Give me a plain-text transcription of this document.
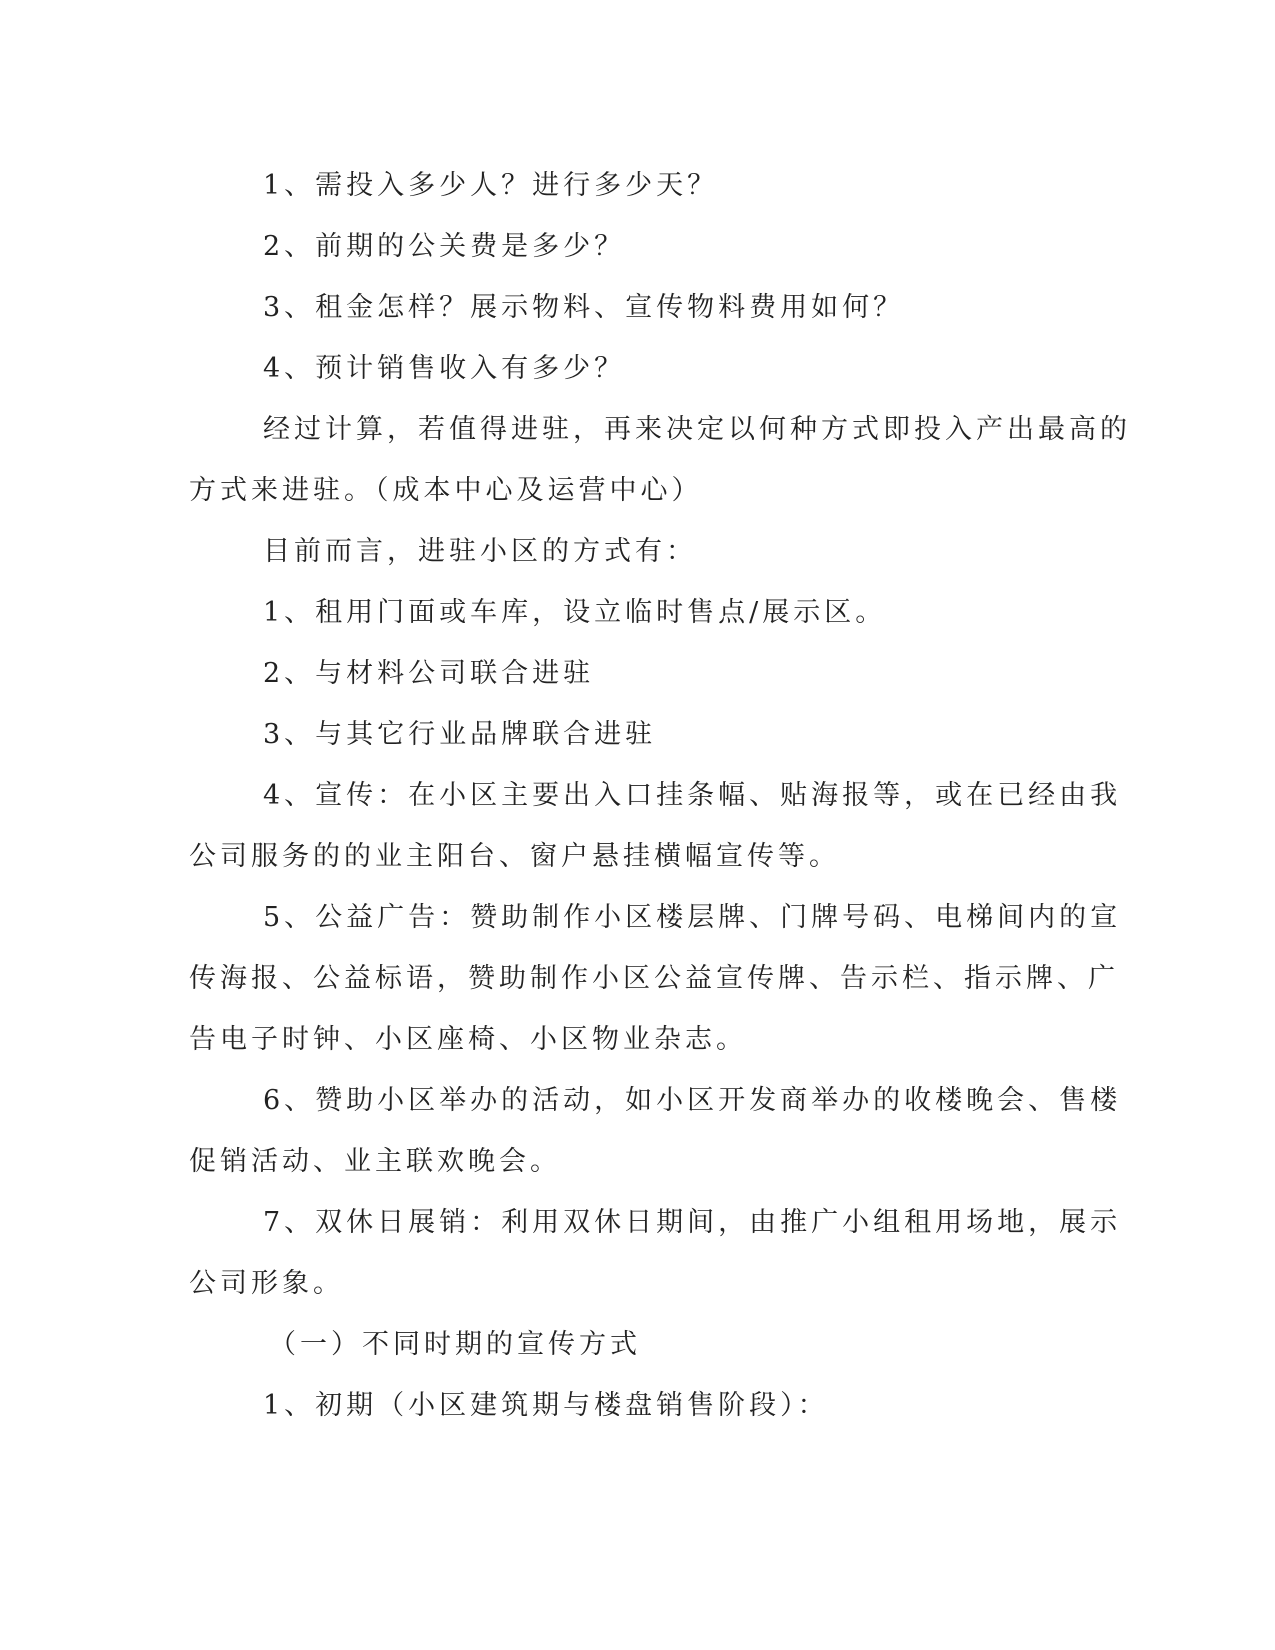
1、需投入多少人？进行多少天？
2、前期的公关费是多少？
3、租金怎样？展示物料、宣传物料费用如何？
4、预计销售收入有多少？
经过计算，若值得进驻，再来决定以何种方式即投入产出最高的
方式来进驻。（成本中心及运营中心）
目前而言，进驻小区的方式有：
1、租用门面或车库，设立临时售点/展示区。
2、与材料公司联合进驻
3、与其它行业品牌联合进驻
4、宣传：在小区主要出入口挂条幅、贴海报等，或在已经由我
公司服务的的业主阳台、窗户悬挂横幅宣传等。
5、公益广告：赞助制作小区楼层牌、门牌号码、电梯间内的宣
传海报、公益标语，赞助制作小区公益宣传牌、告示栏、指示牌、广
告电子时钟、小区座椅、小区物业杂志。
6、赞助小区举办的活动，如小区开发商举办的收楼晚会、售楼
促销活动、业主联欢晚会。
7、双休日展销：利用双休日期间，由推广小组租用场地，展示
公司形象。
（一）不同时期的宣传方式
1、初期（小区建筑期与楼盘销售阶段）：
